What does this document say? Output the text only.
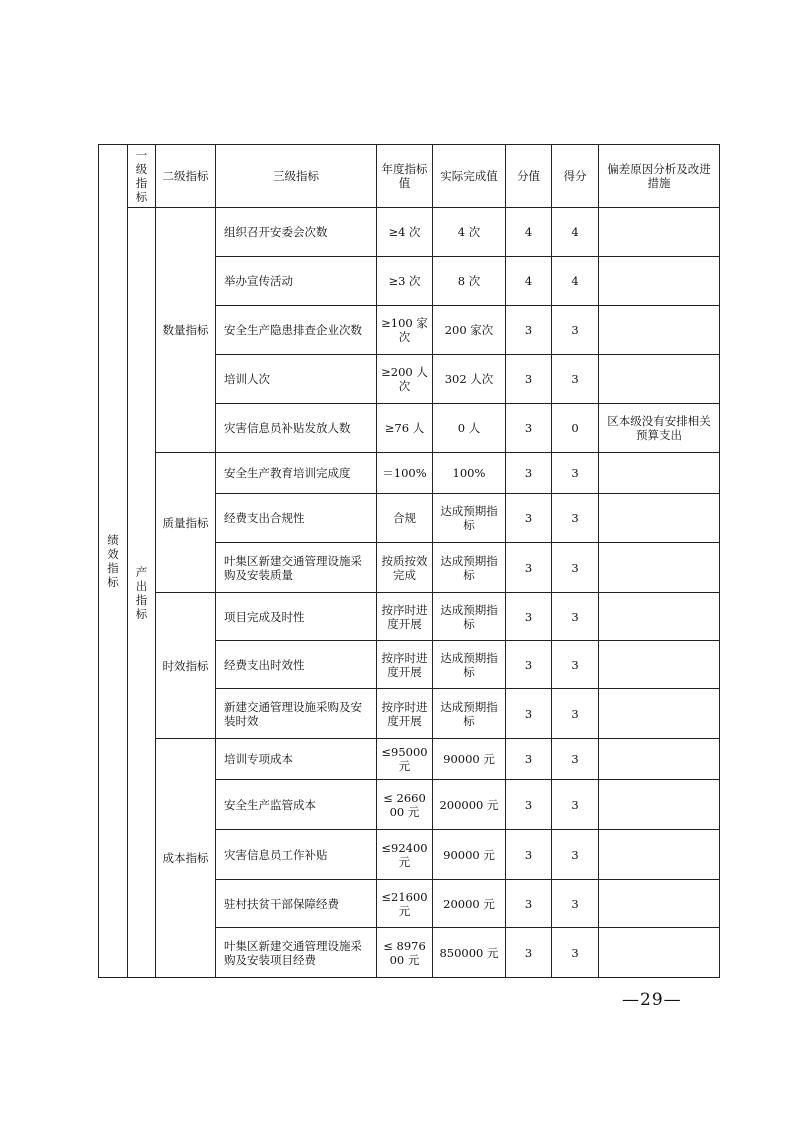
绩效指标	一级指标	二级指标	三级指标	年度指标值	实际完成值	分值	得分	偏差原因分析及改进措施

	产出指标	数量指标	组织召开安委会次数	≥4 次	4 次	4	4	
			举办宣传活动	≥3 次	8 次	4	4	
			安全生产隐患排查企业次数	≥100 家次	200 家次	3	3	
			培训人次	≥200 人次	302 人次	3	3	
			灾害信息员补贴发放人数	≥76 人	0 人	3	0	区本级没有安排相关预算支出
		质量指标	安全生产教育培训完成度	＝100%	100%	3	3	
			经费支出合规性	合规	达成预期指标	3	3	
			叶集区新建交通管理设施采购及安装质量	按质按效完成	达成预期指标	3	3	
		时效指标	项目完成及时性	按序时进度开展	达成预期指标	3	3	
			经费支出时效性	按序时进度开展	达成预期指标	3	3	
			新建交通管理设施采购及安装时效	按序时进度开展	达成预期指标	3	3	
		成本指标	培训专项成本	≤95000 元	90000 元	3	3	
			安全生产监管成本	≤ 266000 元	200000 元	3	3	
			灾害信息员工作补贴	≤92400 元	90000 元	3	3	
			驻村扶贫干部保障经费	≤21600 元	20000 元	3	3	
			叶集区新建交通管理设施采购及安装项目经费	≤ 897600 元	850000 元	3	3	
—29—
